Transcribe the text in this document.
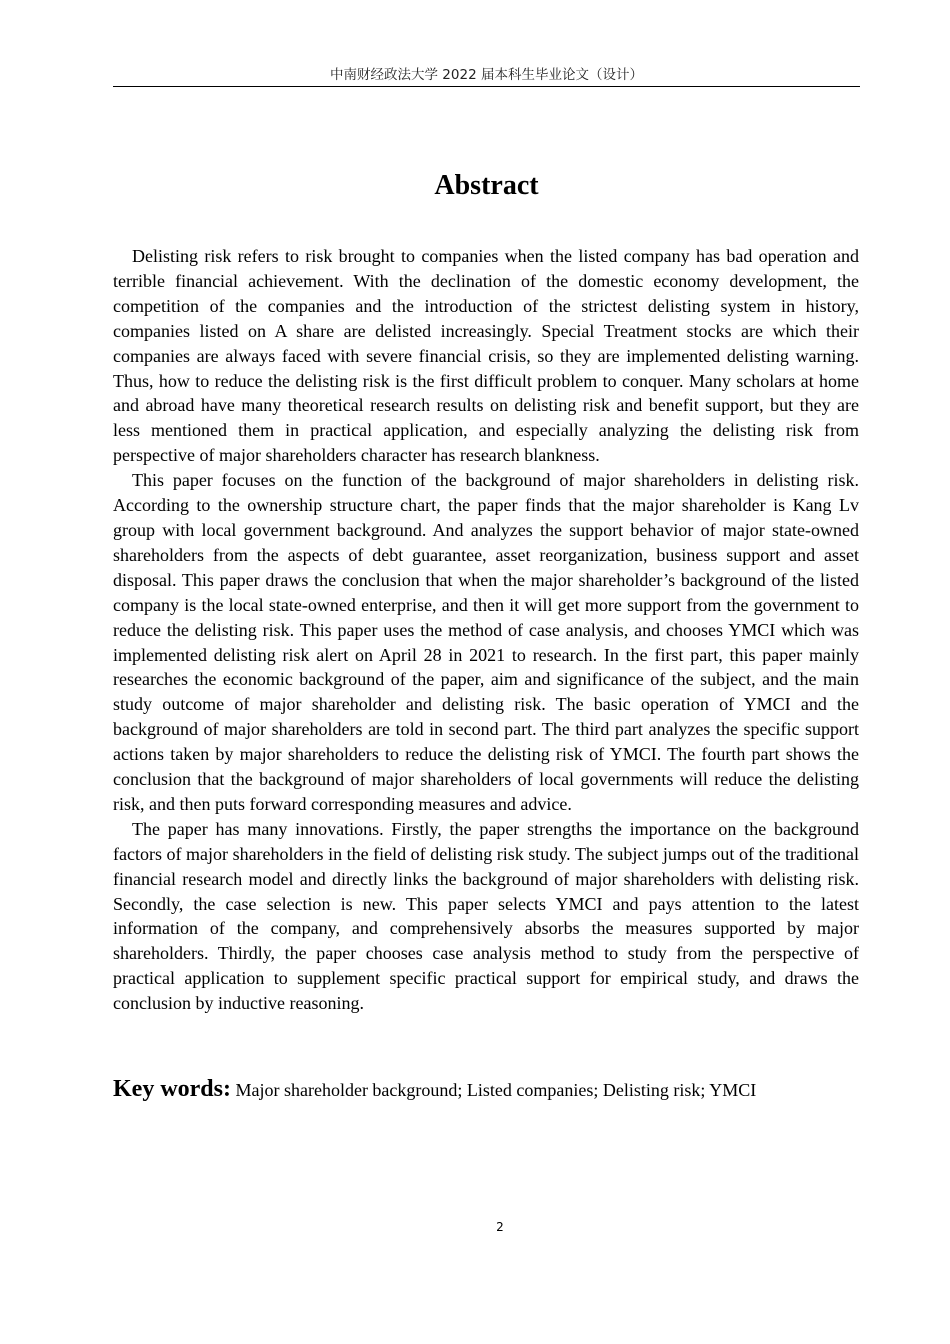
中南财经政法大学 2022 届本科生毕业论文（设计）
Abstract

Delisting risk refers to risk brought to companies when the listed company has bad operation and terrible financial achievement. With the declination of the domestic economy development, the competition of the companies and the introduction of the strictest delisting system in history, companies listed on A share are delisted increasingly. Special Treatment stocks are which their companies are always faced with severe financial crisis, so they are implemented delisting warning. Thus, how to reduce the delisting risk is the first difficult problem to conquer. Many scholars at home and abroad have many theoretical research results on delisting risk and benefit support, but they are less mentioned them in practical application, and especially analyzing the delisting risk from perspective of major shareholders character has research blankness.

This paper focuses on the function of the background of major shareholders in delisting risk. According to the ownership structure chart, the paper finds that the major shareholder is Kang Lv group with local government background. And analyzes the support behavior of major state-owned shareholders from the aspects of debt guarantee, asset reorganization, business support and asset disposal. This paper draws the conclusion that when the major shareholder’s background of the listed company is the local state-owned enterprise, and then it will get more support from the government to reduce the delisting risk. This paper uses the method of case analysis, and chooses YMCI which was implemented delisting risk alert on April 28 in 2021 to research. In the first part, this paper mainly researches the economic background of the paper, aim and significance of the subject, and the main study outcome of major shareholder and delisting risk. The basic operation of YMCI and the background of major shareholders are told in second part. The third part analyzes the specific support actions taken by major shareholders to reduce the delisting risk of YMCI. The fourth part shows the conclusion that the background of major shareholders of local governments will reduce the delisting risk, and then puts forward corresponding measures and advice.

The paper has many innovations. Firstly, the paper strengths the importance on the background factors of major shareholders in the field of delisting risk study. The subject jumps out of the traditional financial research model and directly links the background of major shareholders with delisting risk. Secondly, the case selection is new. This paper selects YMCI and pays attention to the latest information of the company, and comprehensively absorbs the measures supported by major shareholders. Thirdly, the paper chooses case analysis method to study from the perspective of practical application to supplement specific practical support for empirical study, and draws the conclusion by inductive reasoning.

Key words: Major shareholder background; Listed companies; Delisting risk; YMCI
2
